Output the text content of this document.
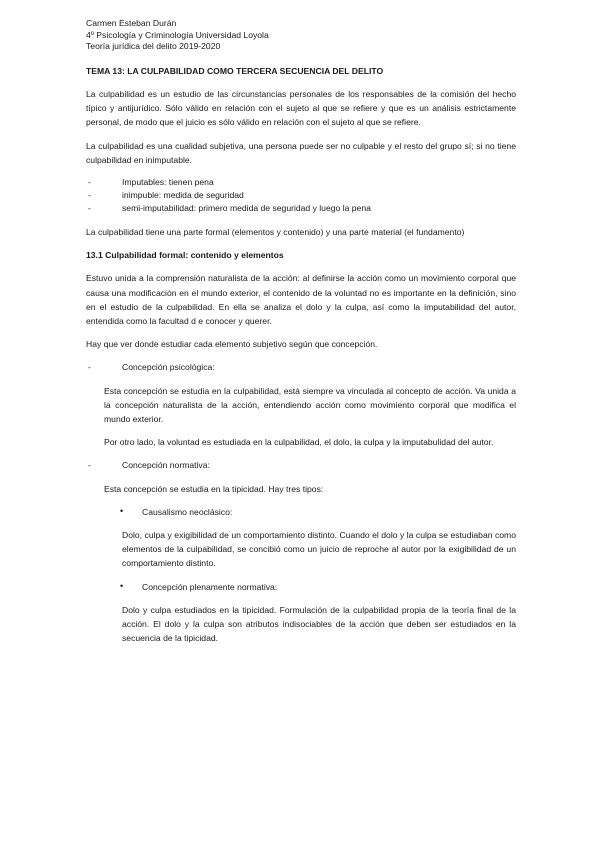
Carmen Esteban Durán

4º Psicología y Criminología Universidad Loyola

Teoría jurídica del delito 2019-2020

TEMA 13: LA CULPABILIDAD COMO TERCERA SECUENCIA DEL DELITO

La culpabilidad es un estudio de las circunstancias personales de los responsables de la comisión del hecho típico y antijurídico. Sólo válido en relación con el sujeto al que se refiere y que es un análisis estrictamente personal, de modo que el juicio es sólo válido en relación con el sujeto al que se refiere.

La culpabilidad es una cualidad subjetiva, una persona puede ser no culpable y el resto del grupo sí; si no tiene culpabilidad en inimputable.

-	Imputables: tienen pena
-	inimpuble: medida de seguridad
-	semi-imputabilidad: primero medida de seguridad y luego la pena

La culpabilidad tiene una parte formal (elementos y contenido) y una parte material (el fundamento)

13.1 Culpabilidad formal: contenido y elementos

Estuvo unida a la comprensión naturalista de la acción: al definirse la acción como un movimiento corporal que causa una modificación en el mundo exterior, el contenido de la voluntad no es importante en la definición, sino en el estudio de la culpabilidad. En ella se analiza el dolo y la culpa, así como la imputabilidad del autor, entendida como la facultad d e conocer y querer.

Hay que ver donde estudiar cada elemento subjetivo según que concepción.

-	Concepción psicológica:

Esta concepción se estudia en la culpabilidad, está siempre va vinculada al concepto de acción. Va unida a la concepción naturalista de la acción, entendiendo acción como movimiento corporal que modifica el mundo exterior.

Por otro lado, la voluntad es estudiada en la culpabilidad, el dolo, la culpa y la imputabulidad del autor.

-	Concepción normativa:

Esta concepción se estudia en la tipicidad. Hay tres tipos:

• Causalismo neoclásico:

Dolo, culpa y exigibilidad de un comportamiento distinto. Cuando el dolo y la culpa se estudiaban como elementos de la culpabilidad, se concibió como un juicio de reproche al autor por la exigibilidad de un comportamiento distinto.

• Concepción plenamente normativa:

Dolo y culpa estudiados en la tipicidad. Formulación de la culpabilidad propia de la teoría final de la acción. El dolo y la culpa son atributos indisociables de la acción que deben ser estudiados en la secuencia de la tipicidad.
